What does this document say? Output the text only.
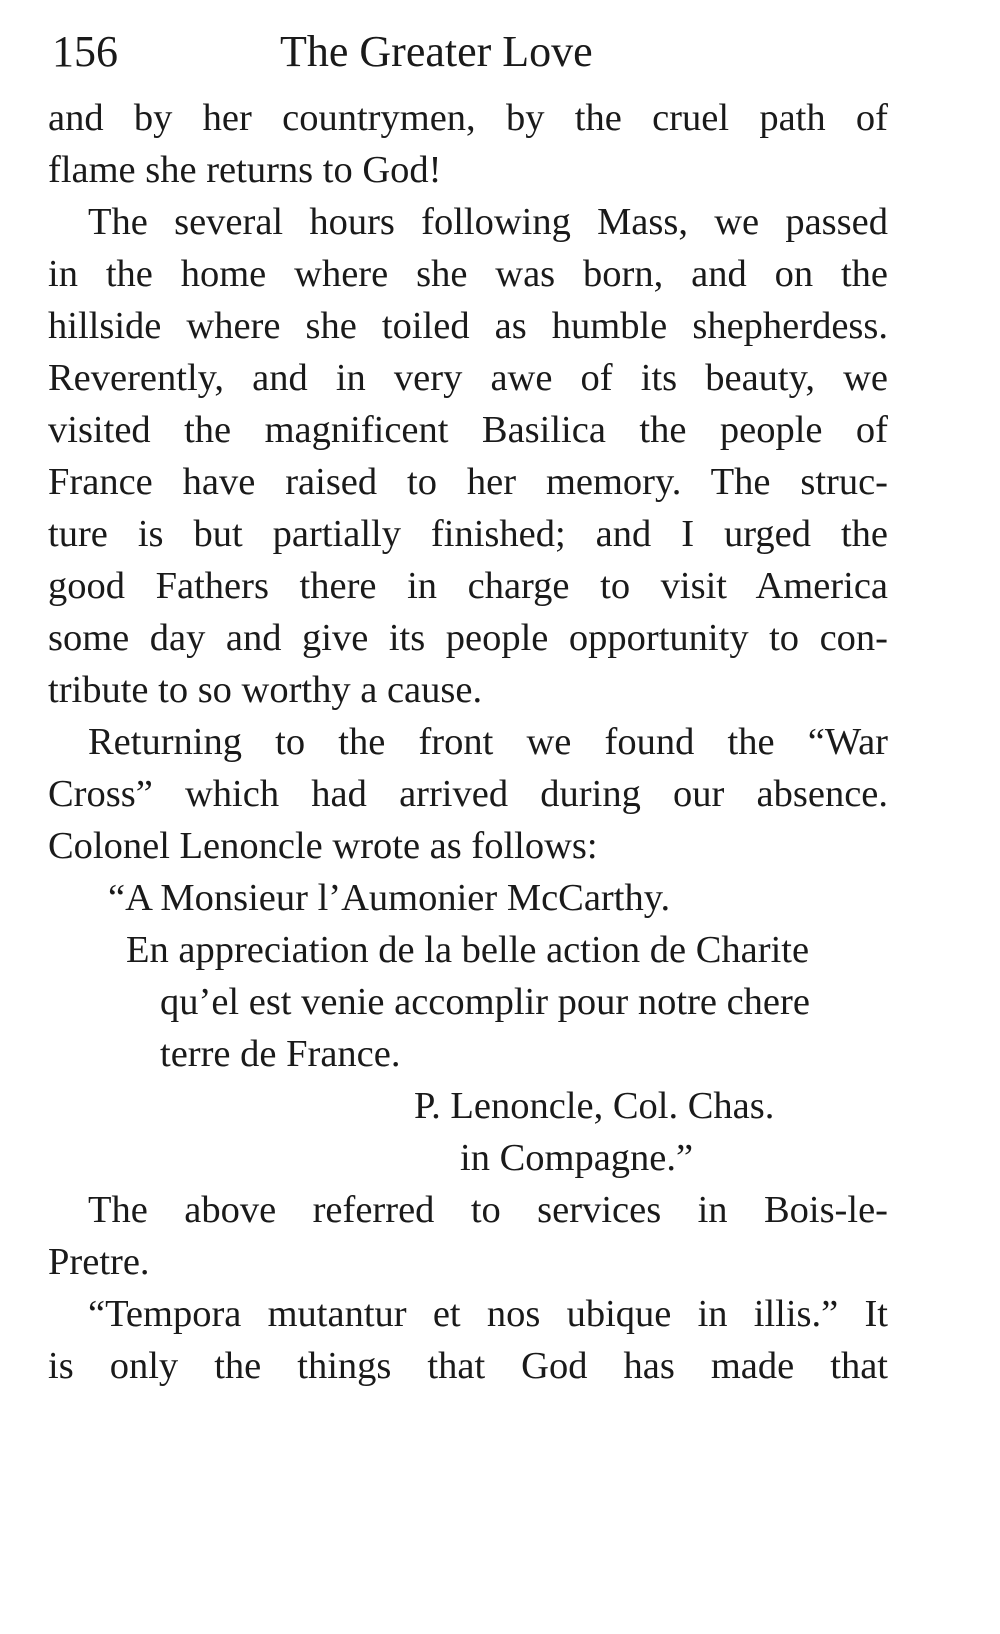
156	The Greater Love
and by her countrymen, by the cruel path of
flame she returns to God!
The several hours following Mass, we passed
in the home where she was born, and on the
hillside where she toiled as humble shepherdess.
Reverently, and in very awe of its beauty, we
visited the magnificent Basilica the people of
France have raised to her memory. The struc-
ture is but partially finished; and I urged the
good Fathers there in charge to visit America
some day and give its people opportunity to con-
tribute to so worthy a cause.
Returning to the front we found the “War
Cross” which had arrived during our absence.
Colonel Lenoncle wrote as follows:
“A Monsieur l’Aumonier McCarthy.
En appreciation de la belle action de Charite
qu’el est venie accomplir pour notre chere
terre de France.
P. Lenoncle, Col. Chas.
in Compagne.”
The above referred to services in Bois-le-
Pretre.
“Tempora mutantur et nos ubique in illis.” It
is only the things that God has made that
